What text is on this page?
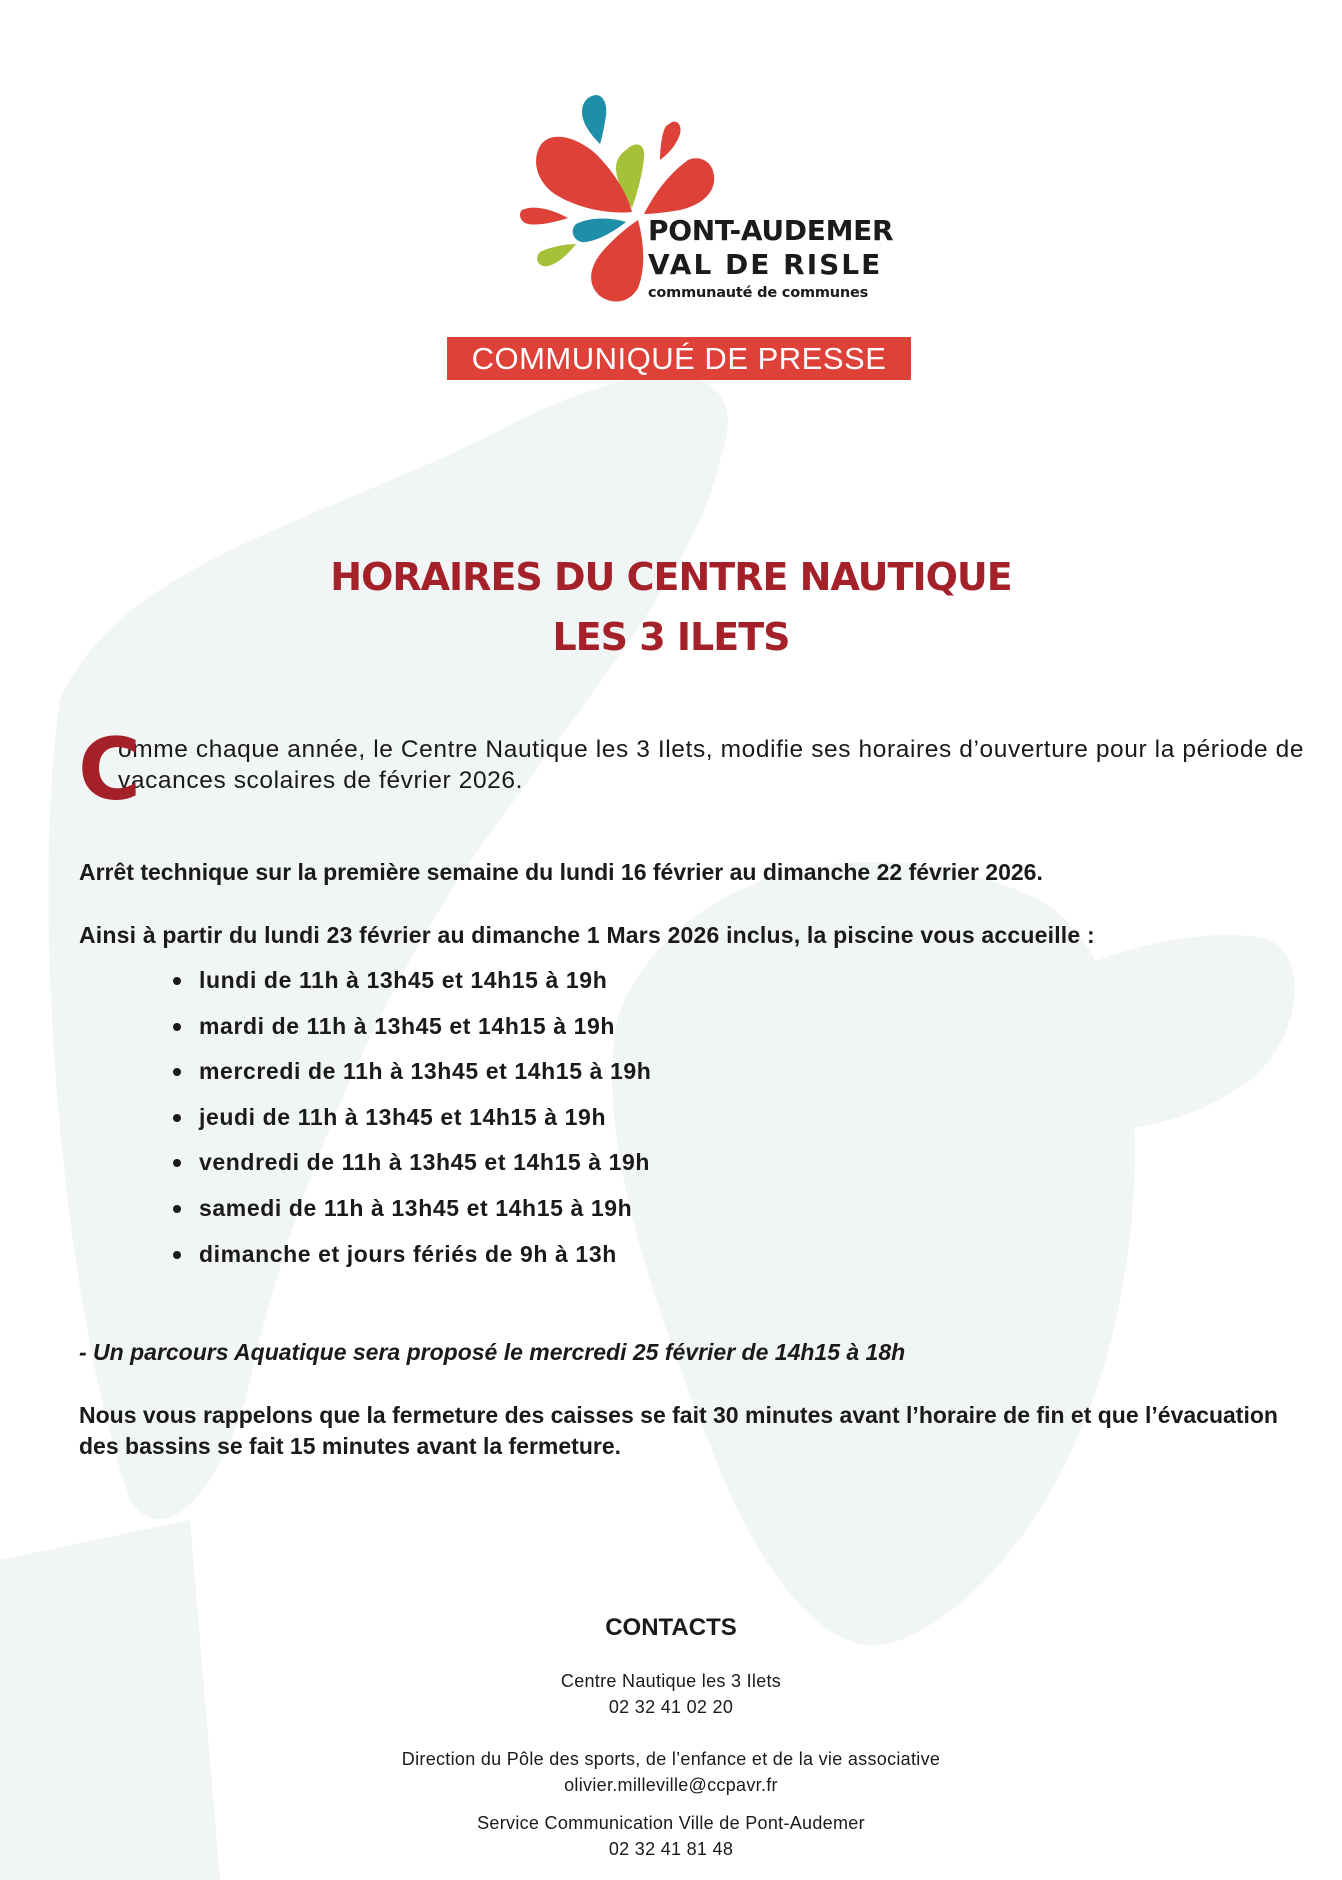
PONT-AUDEMER
VAL DE RISLE
communauté de communes
COMMUNIQUÉ DE PRESSE
HORAIRES DU CENTRE NAUTIQUE
LES 3 ILETS
C
omme chaque année, le Centre Nautique les 3 Ilets, modifie ses horaires d’ouverture pour la période de vacances scolaires de février 2026.
Arrêt technique sur la première semaine du lundi 16 février au dimanche 22 février 2026.
Ainsi à partir du lundi 23 février au dimanche 1 Mars 2026 inclus, la piscine vous accueille :
lundi de 11h à 13h45 et 14h15 à 19h
mardi de 11h à 13h45 et 14h15 à 19h
mercredi de 11h à 13h45 et 14h15 à 19h
jeudi de 11h à 13h45 et 14h15 à 19h
vendredi de 11h à 13h45 et 14h15 à 19h
samedi de 11h à 13h45 et 14h15 à 19h
dimanche et jours fériés de 9h à 13h
- Un parcours Aquatique sera proposé le mercredi 25 février de 14h15 à 18h
Nous vous rappelons que la fermeture des caisses se fait 30 minutes avant l’horaire de fin et que l’évacuation des bassins se fait 15 minutes avant la fermeture.
CONTACTS
Centre Nautique les 3 Ilets
02 32 41 02 20
Direction du Pôle des sports, de l’enfance et de la vie associative
olivier.milleville@ccpavr.fr
Service Communication Ville de Pont-Audemer
02 32 41 81 48
